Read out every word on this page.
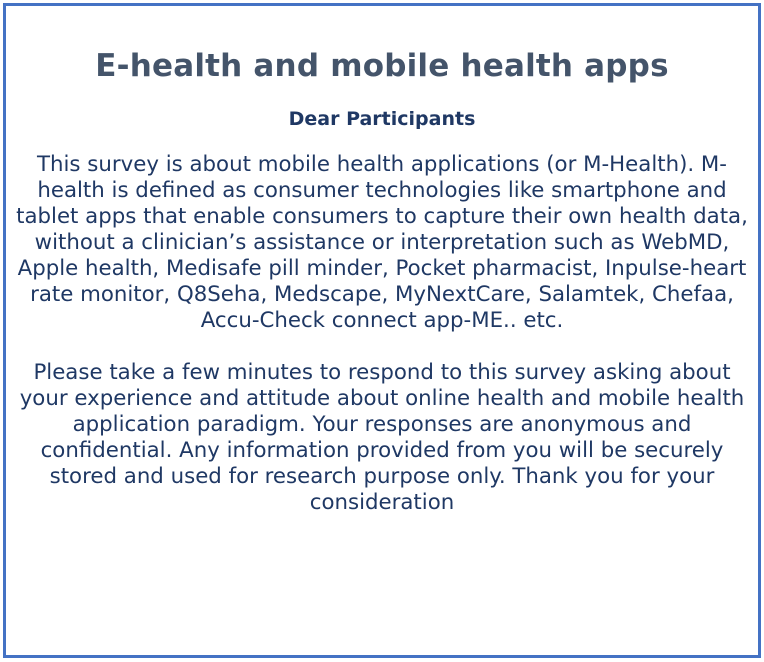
E-health and mobile health apps
Dear Participants
This survey is about mobile health applications (or M-Health). M-health is defined as consumer technologies like smartphone and tablet apps that enable consumers to capture their own health data, without a clinician’s assistance or interpretation such as WebMD, Apple health, Medisafe pill minder, Pocket pharmacist, Inpulse-heart rate monitor, Q8Seha, Medscape, MyNextCare, Salamtek, Chefaa, Accu-Check connect app-ME.. etc.
Please take a few minutes to respond to this survey asking about your experience and attitude about online health and mobile health application paradigm. Your responses are anonymous and confidential. Any information provided from you will be securely stored and used for research purpose only. Thank you for your consideration
